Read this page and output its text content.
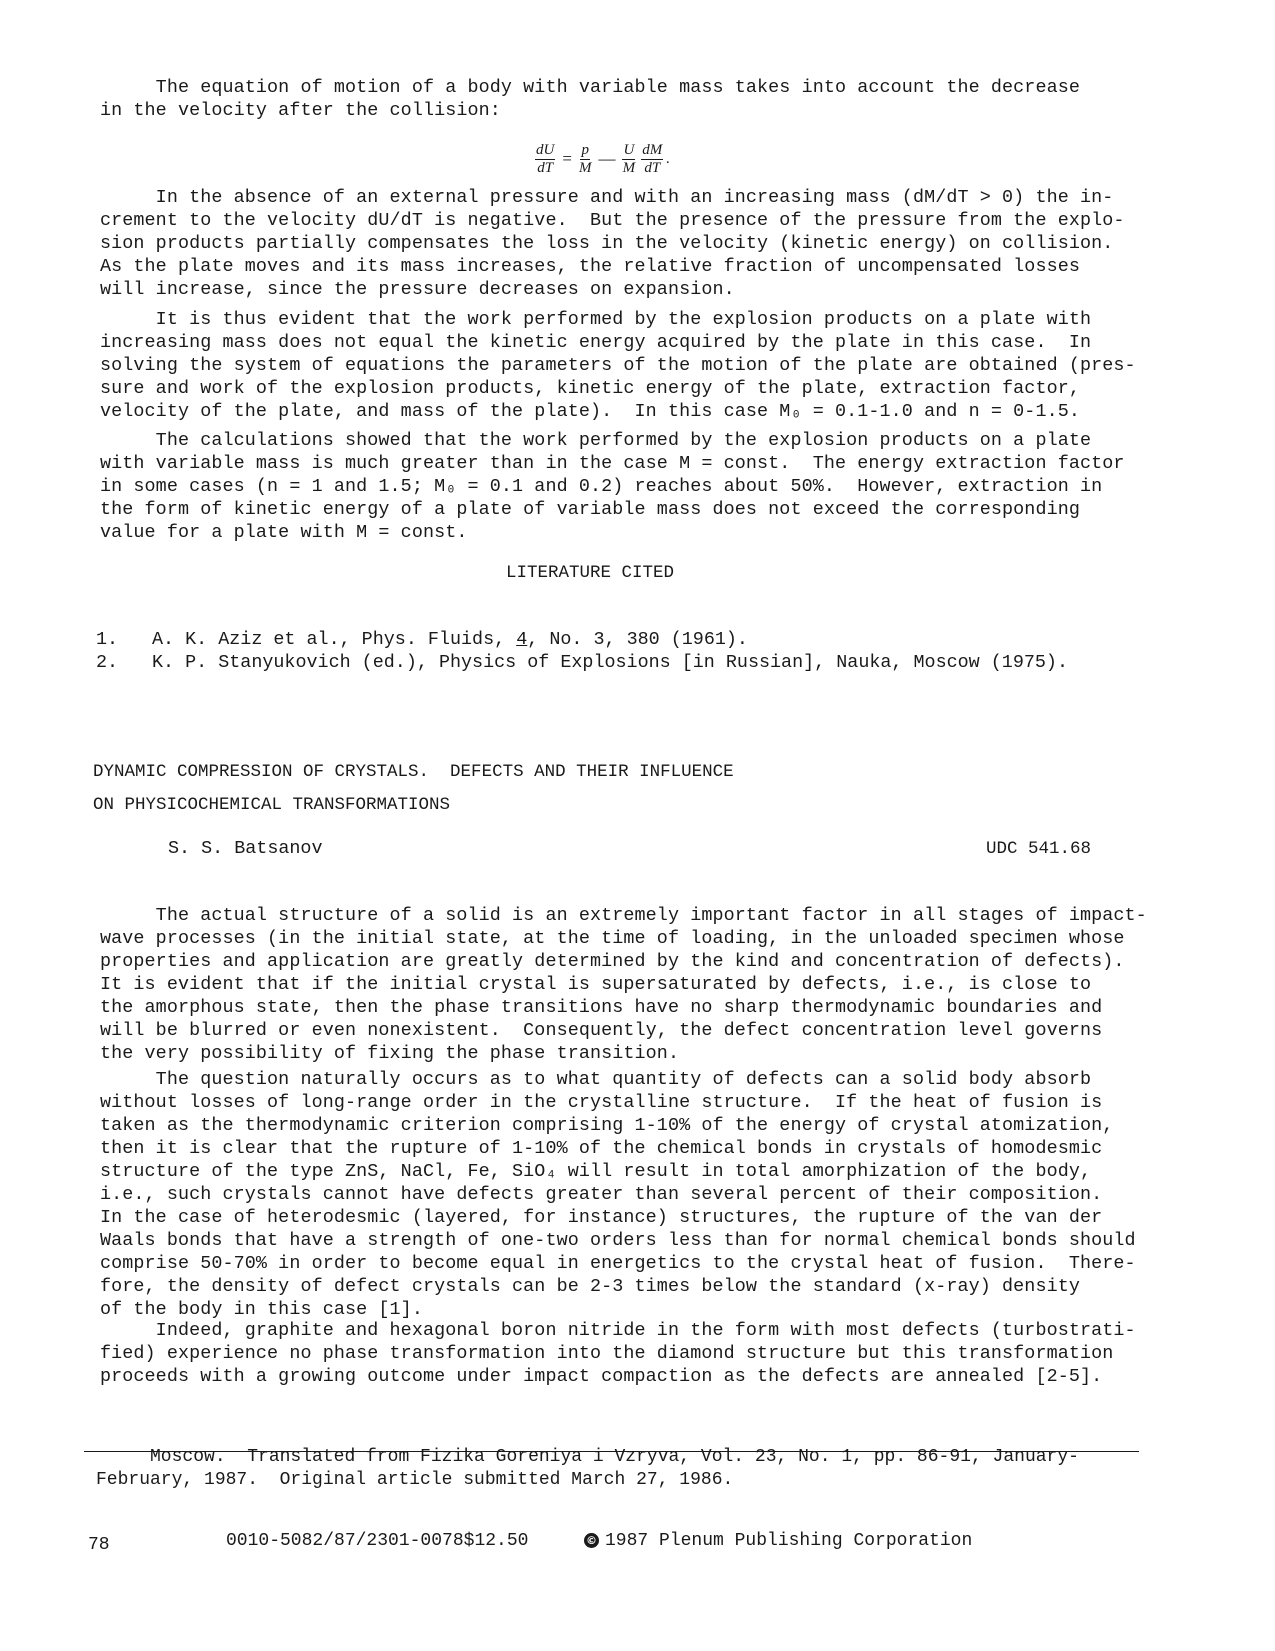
The equation of motion of a body with variable mass takes into account the decrease
in the velocity after the collision:

$\frac{dU}{dT} = \frac{p}{M}$ — $\frac{U}{M} \frac{dM}{dT}$ .

In the absence of an external pressure and with an increasing mass (dM/dT > 0) the in-
crement to the velocity dU/dT is negative.  But the presence of the pressure from the explo-
sion products partially compensates the loss in the velocity (kinetic energy) on collision.
As the plate moves and its mass increases, the relative fraction of uncompensated losses
will increase, since the pressure decreases on expansion.

It is thus evident that the work performed by the explosion products on a plate with
increasing mass does not equal the kinetic energy acquired by the plate in this case.  In
solving the system of equations the parameters of the motion of the plate are obtained (pres-
sure and work of the explosion products, kinetic energy of the plate, extraction factor,
velocity of the plate, and mass of the plate).  In this case M₀ = 0.1-1.0 and n = 0-1.5.

The calculations showed that the work performed by the explosion products on a plate
with variable mass is much greater than in the case M = const.  The energy extraction factor
in some cases (n = 1 and 1.5; M₀ = 0.1 and 0.2) reaches about 50%.  However, extraction in
the form of kinetic energy of a plate of variable mass does not exceed the corresponding
value for a plate with M = const.

LITERATURE CITED

1.	A. K. Aziz et al., Phys. Fluids, 4, No. 3, 380 (1961).
2.	K. P. Stanyukovich (ed.), Physics of Explosions [in Russian], Nauka, Moscow (1975).

DYNAMIC COMPRESSION OF CRYSTALS.  DEFECTS AND THEIR INFLUENCE

ON PHYSICOCHEMICAL TRANSFORMATIONS

S. S. Batsanov	UDC 541.68

The actual structure of a solid is an extremely important factor in all stages of impact-
wave processes (in the initial state, at the time of loading, in the unloaded specimen whose
properties and application are greatly determined by the kind and concentration of defects).
It is evident that if the initial crystal is supersaturated by defects, i.e., is close to
the amorphous state, then the phase transitions have no sharp thermodynamic boundaries and
will be blurred or even nonexistent.  Consequently, the defect concentration level governs
the very possibility of fixing the phase transition.

The question naturally occurs as to what quantity of defects can a solid body absorb
without losses of long-range order in the crystalline structure.  If the heat of fusion is
taken as the thermodynamic criterion comprising 1-10% of the energy of crystal atomization,
then it is clear that the rupture of 1-10% of the chemical bonds in crystals of homodesmic
structure of the type ZnS, NaCl, Fe, SiO₄ will result in total amorphization of the body,
i.e., such crystals cannot have defects greater than several percent of their composition.
In the case of heterodesmic (layered, for instance) structures, the rupture of the van der
Waals bonds that have a strength of one-two orders less than for normal chemical bonds should
comprise 50-70% in order to become equal in energetics to the crystal heat of fusion.  There-
fore, the density of defect crystals can be 2-3 times below the standard (x-ray) density
of the body in this case [1].

Indeed, graphite and hexagonal boron nitride in the form with most defects (turbostrati-
fied) experience no phase transformation into the diamond structure but this transformation
proceeds with a growing outcome under impact compaction as the defects are annealed [2-5].

Moscow.  Translated from Fizika Goreniya i Vzryva, Vol. 23, No. 1, pp. 86-91, January-
February, 1987.  Original article submitted March 27, 1986.

78	0010-5082/87/2301-0078$12.50	© 1987 Plenum Publishing Corporation
